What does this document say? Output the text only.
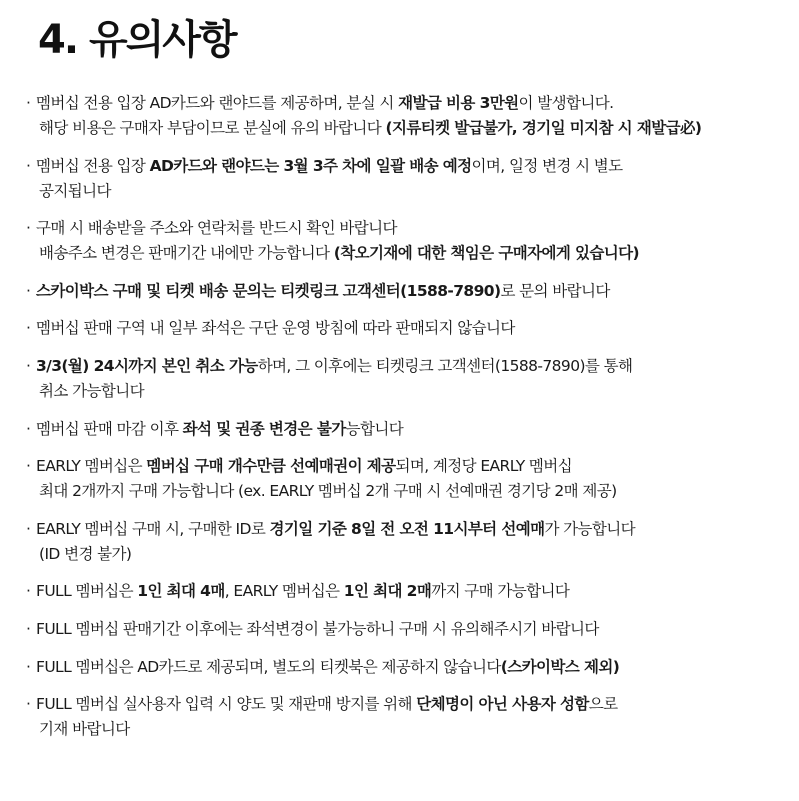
4. 유의사항
· 멤버십 전용 입장 AD카드와 랜야드를 제공하며, 분실 시 재발급 비용 3만원이 발생합니다.
해당 비용은 구매자 부담이므로 분실에 유의 바랍니다 (지류티켓 발급불가, 경기일 미지참 시 재발급必)
· 멤버십 전용 입장 AD카드와 랜야드는 3월 3주 차에 일괄 배송 예정이며, 일정 변경 시 별도
공지됩니다
· 구매 시 배송받을 주소와 연락처를 반드시 확인 바랍니다
배송주소 변경은 판매기간 내에만 가능합니다 (착오기재에 대한 책임은 구매자에게 있습니다)
· 스카이박스 구매 및 티켓 배송 문의는 티켓링크 고객센터(1588-7890)로 문의 바랍니다
· 멤버십 판매 구역 내 일부 좌석은 구단 운영 방침에 따라 판매되지 않습니다
· 3/3(월) 24시까지 본인 취소 가능하며, 그 이후에는 티켓링크 고객센터(1588-7890)를 통해
취소 가능합니다
· 멤버십 판매 마감 이후 좌석 및 권종 변경은 불가능합니다
· EARLY 멤버십은 멤버십 구매 개수만큼 선예매권이 제공되며, 계정당 EARLY 멤버십
최대 2개까지 구매 가능합니다 (ex. EARLY 멤버십 2개 구매 시 선예매권 경기당 2매 제공)
· EARLY 멤버십 구매 시, 구매한 ID로 경기일 기준 8일 전 오전 11시부터 선예매가 가능합니다
(ID 변경 불가)
· FULL 멤버십은 1인 최대 4매, EARLY 멤버십은 1인 최대 2매까지 구매 가능합니다
· FULL 멤버십 판매기간 이후에는 좌석변경이 불가능하니 구매 시 유의해주시기 바랍니다
· FULL 멤버십은 AD카드로 제공되며, 별도의 티켓북은 제공하지 않습니다(스카이박스 제외)
· FULL 멤버십 실사용자 입력 시 양도 및 재판매 방지를 위해 단체명이 아닌 사용자 성함으로
기재 바랍니다
